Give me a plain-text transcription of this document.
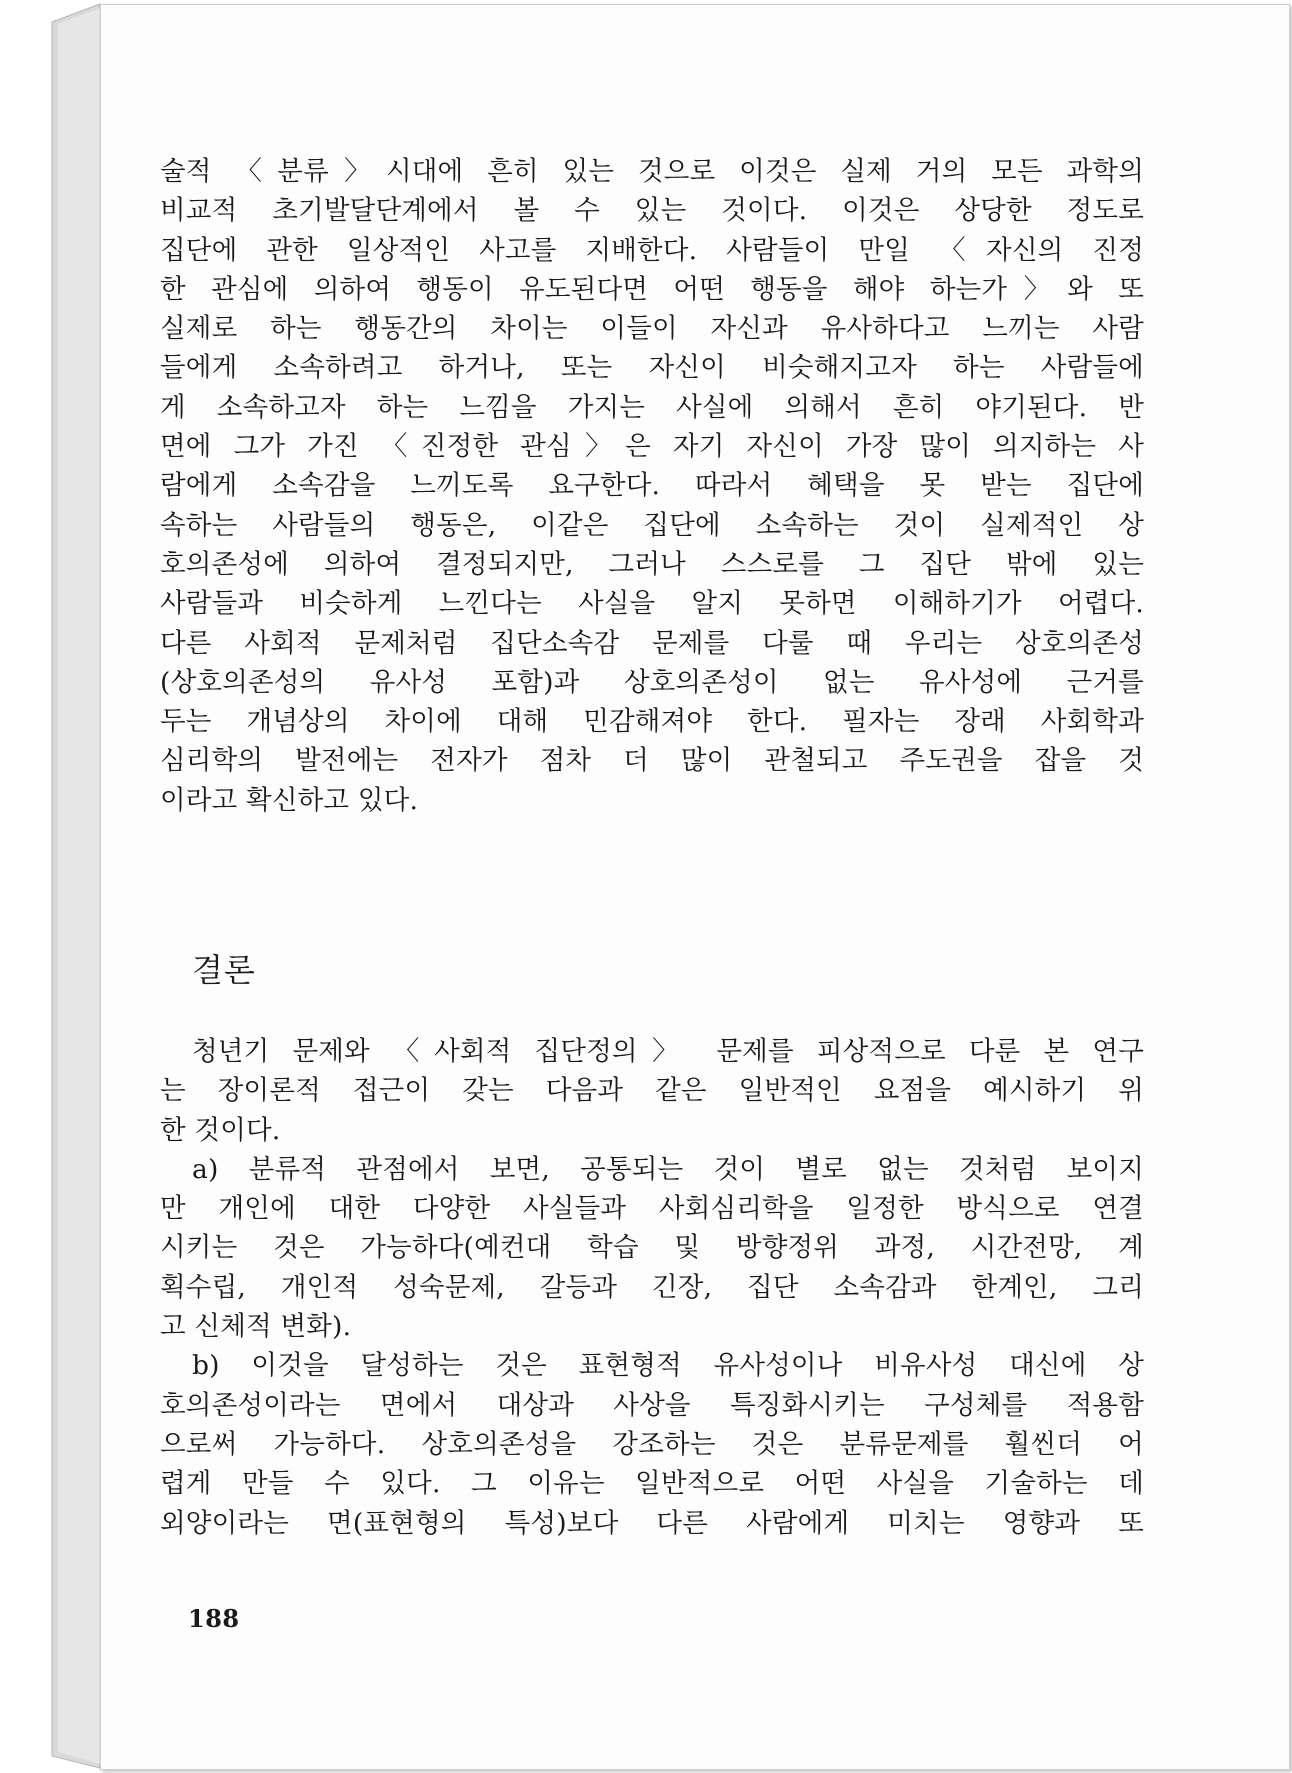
술적 〈분류〉시대에 흔히 있는 것으로 이것은 실제 거의 모든 과학의
비교적 초기발달단계에서 볼 수 있는 것이다. 이것은 상당한 정도로
집단에 관한 일상적인 사고를 지배한다. 사람들이 만일 〈자신의 진정
한 관심에 의하여 행동이 유도된다면 어떤 행동을 해야 하는가〉와 또
실제로 하는 행동간의 차이는 이들이 자신과 유사하다고 느끼는 사람
들에게 소속하려고 하거나, 또는 자신이 비슷해지고자 하는 사람들에
게 소속하고자 하는 느낌을 가지는 사실에 의해서 흔히 야기된다. 반
면에 그가 가진 〈진정한 관심〉은 자기 자신이 가장 많이 의지하는 사
람에게 소속감을 느끼도록 요구한다. 따라서 혜택을 못 받는 집단에
속하는 사람들의 행동은, 이같은 집단에 소속하는 것이 실제적인 상
호의존성에 의하여 결정되지만, 그러나 스스로를 그 집단 밖에 있는
사람들과 비슷하게 느낀다는 사실을 알지 못하면 이해하기가 어렵다.
다른 사회적 문제처럼 집단소속감 문제를 다룰 때 우리는 상호의존성
(상호의존성의 유사성 포함)과 상호의존성이 없는 유사성에 근거를
두는 개념상의 차이에 대해 민감해져야 한다. 필자는 장래 사회학과
심리학의 발전에는 전자가 점차 더 많이 관철되고 주도권을 잡을 것
이라고 확신하고 있다.
결론
청년기 문제와 〈사회적 집단정의〉 문제를 피상적으로 다룬 본 연구
는 장이론적 접근이 갖는 다음과 같은 일반적인 요점을 예시하기 위
한 것이다.
a) 분류적 관점에서 보면, 공통되는 것이 별로 없는 것처럼 보이지
만 개인에 대한 다양한 사실들과 사회심리학을 일정한 방식으로 연결
시키는 것은 가능하다(예컨대 학습 및 방향정위 과정, 시간전망, 계
획수립, 개인적 성숙문제, 갈등과 긴장, 집단 소속감과 한계인, 그리
고 신체적 변화).
b) 이것을 달성하는 것은 표현형적 유사성이나 비유사성 대신에 상
호의존성이라는 면에서 대상과 사상을 특징화시키는 구성체를 적용함
으로써 가능하다. 상호의존성을 강조하는 것은 분류문제를 훨씬더 어
렵게 만들 수 있다. 그 이유는 일반적으로 어떤 사실을 기술하는 데
외양이라는 면(표현형의 특성)보다 다른 사람에게 미치는 영향과 또
188
